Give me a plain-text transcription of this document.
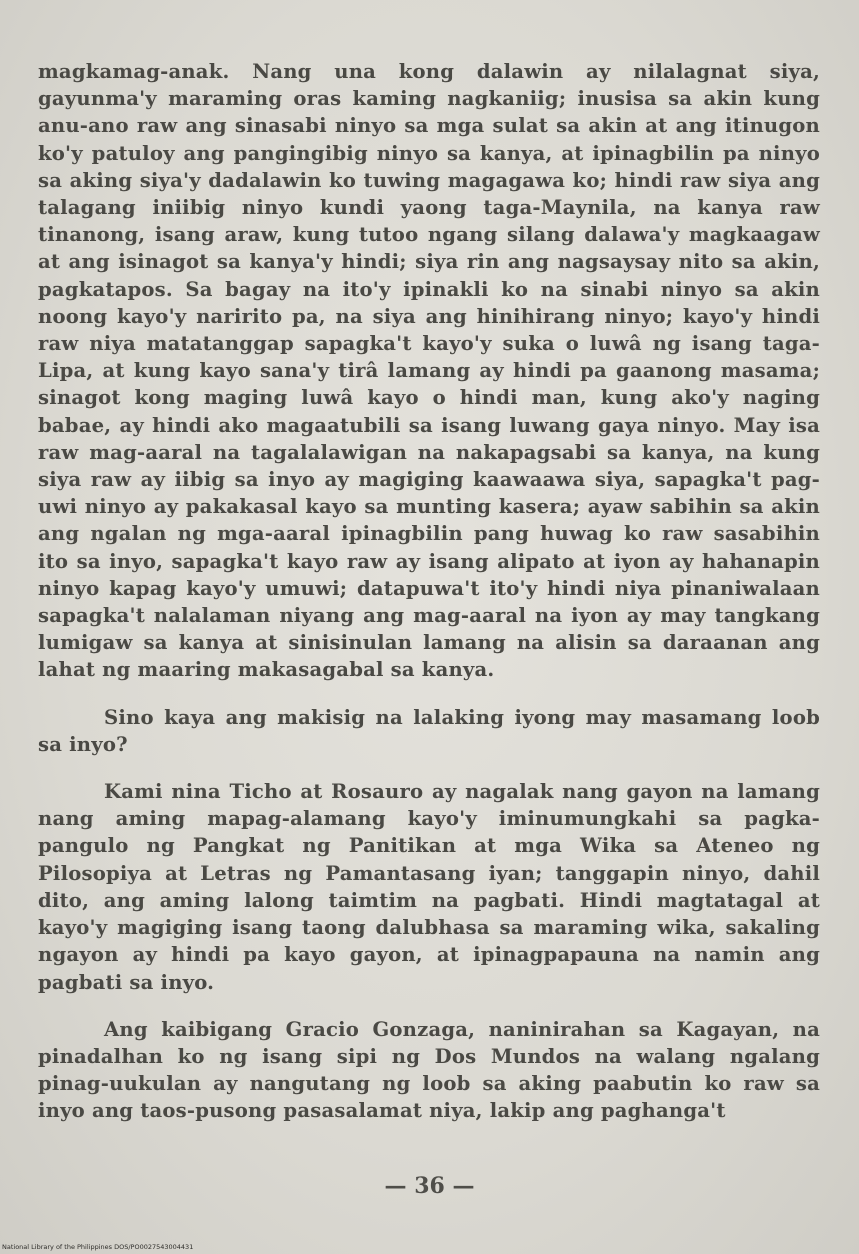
magkamag-anak. Nang una kong dalawin ay nilalagnat siya, gayunma'y maraming oras kaming nagkaniig; inusisa sa akin kung anu-ano raw ang sinasabi ninyo sa mga sulat sa akin at ang itinugon ko'y patuloy ang pangingibig ninyo sa kanya, at ipinagbilin pa ninyo sa aking siya'y dadalawin ko tuwing magagawa ko; hindi raw siya ang talagang iniibig ninyo kundi yaong taga-Maynila, na kanya raw tinanong, isang araw, kung tutoo ngang silang dalawa'y magkaagaw at ang isinagot sa kanya'y hindi; siya rin ang nagsaysay nito sa akin, pagkatapos. Sa bagay na ito'y ipinakli ko na sinabi ninyo sa akin noong kayo'y naririto pa, na siya ang hinihirang ninyo; kayo'y hindi raw niya matatanggap sapagka't kayo'y suka o luwâ ng isang taga-Lipa, at kung kayo sana'y tirâ lamang ay hindi pa gaanong masama; sinagot kong maging luwâ kayo o hindi man, kung ako'y naging babae, ay hindi ako magaatubili sa isang luwang gaya ninyo. May isa raw mag-aaral na tagalalawigan na nakapagsabi sa kanya, na kung siya raw ay iibig sa inyo ay magiging kaawaawa siya, sapagka't pag-uwi ninyo ay pakakasal kayo sa munting kasera; ayaw sabihin sa akin ang ngalan ng mga-aaral ipinagbilin pang huwag ko raw sasabihin ito sa inyo, sapagka't kayo raw ay isang alipato at iyon ay hahanapin ninyo kapag kayo'y umuwi; datapuwa't ito'y hindi niya pinaniwalaan sapagka't nalalaman niyang ang mag-aaral na iyon ay may tangkang lumigaw sa kanya at sinisinulan lamang na alisin sa daraanan ang lahat ng maaring makasagabal sa kanya.

Sino kaya ang makisig na lalaking iyong may masamang loob sa inyo?

Kami nina Ticho at Rosauro ay nagalak nang gayon na lamang nang aming mapag-alamang kayo'y iminumungkahi sa pagka-pangulo ng Pangkat ng Panitikan at mga Wika sa Ateneo ng Pilosopiya at Letras ng Pamantasang iyan; tanggapin ninyo, dahil dito, ang aming lalong taimtim na pagbati. Hindi magtatagal at kayo'y magiging isang taong dalubhasa sa maraming wika, sakaling ngayon ay hindi pa kayo gayon, at ipinagpapauna na namin ang pagbati sa inyo.

Ang kaibigang Gracio Gonzaga, naninirahan sa Kagayan, na pinadalhan ko ng isang sipi ng Dos Mundos na walang ngalang pinag-uukulan ay nangutang ng loob sa aking paabutin ko raw sa inyo ang taos-pusong pasasalamat niya, lakip ang paghanga't

— 36 —
National Library of the Philippines DOS/PO0027543004431
